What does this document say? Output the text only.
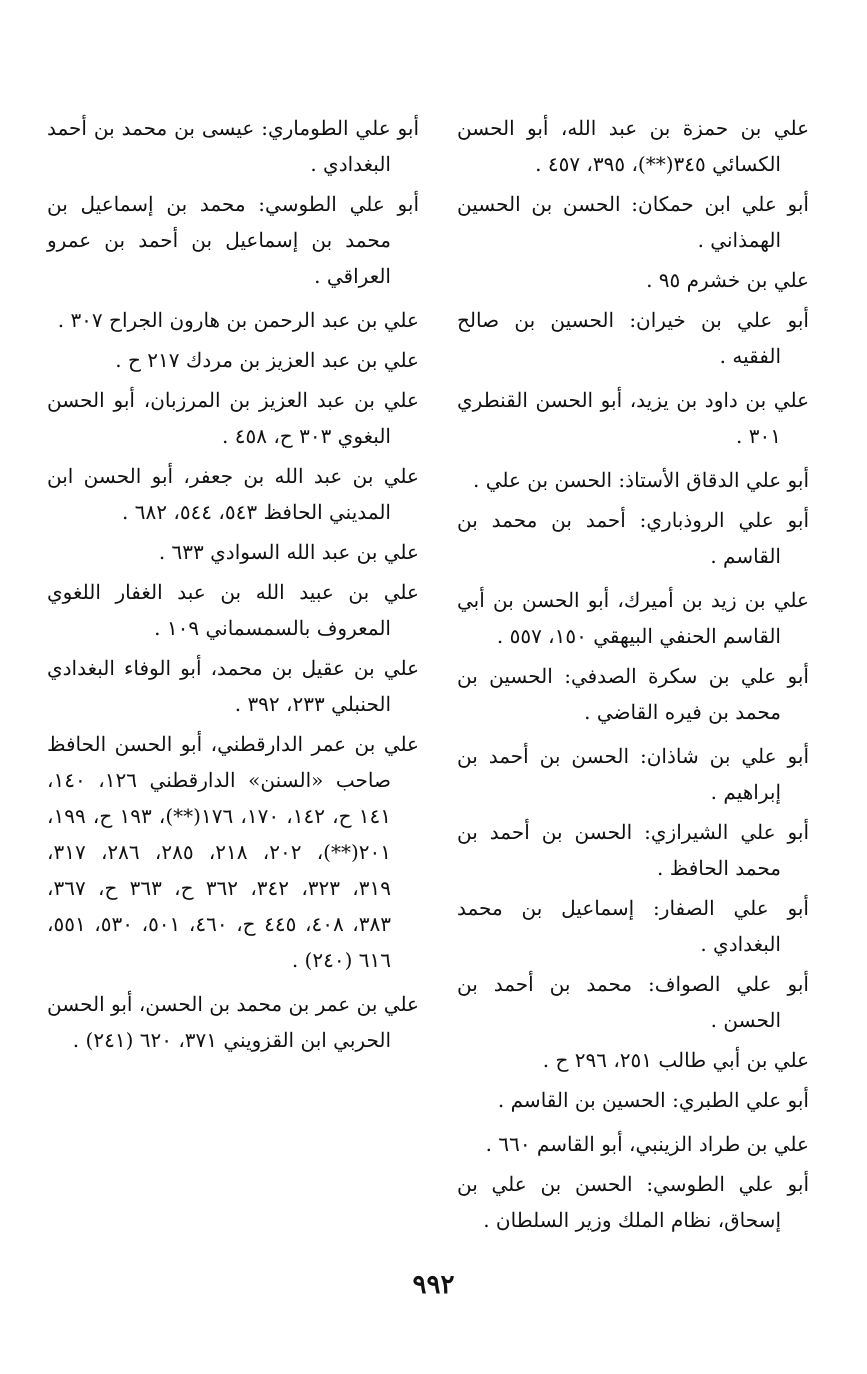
علي بن حمزة بن عبد الله، أبو الحسن الكسائي ٣٤٥(**)، ٣٩٥، ٤٥٧ .
أبو علي ابن حمكان: الحسن بن الحسين الهمذاني .
علي بن خشرم ٩٥ .
أبو علي بن خيران: الحسين بن صالح الفقيه .
علي بن داود بن يزيد، أبو الحسن القنطري ٣٠١ .
أبو علي الدقاق الأستاذ: الحسن بن علي .
أبو علي الروذباري: أحمد بن محمد بن القاسم .
علي بن زيد بن أميرك، أبو الحسن بن أبي القاسم الحنفي البيهقي ١٥٠، ٥٥٧ .
أبو علي بن سكرة الصدفي: الحسين بن محمد بن فيره القاضي .
أبو علي بن شاذان: الحسن بن أحمد بن إبراهيم .
أبو علي الشيرازي: الحسن بن أحمد بن محمد الحافظ .
أبو علي الصفار: إسماعيل بن محمد البغدادي .
أبو علي الصواف: محمد بن أحمد بن الحسن .
علي بن أبي طالب ٢٥١، ٢٩٦ ح .
أبو علي الطبري: الحسين بن القاسم .
علي بن طراد الزينبي، أبو القاسم ٦٦٠ .
أبو علي الطوسي: الحسن بن علي بن إسحاق، نظام الملك وزير السلطان .
أبو علي الطوماري: عيسى بن محمد بن أحمد البغدادي .
أبو علي الطوسي: محمد بن إسماعيل بن محمد بن إسماعيل بن أحمد بن عمرو العراقي .
علي بن عبد الرحمن بن هارون الجراح ٣٠٧ .
علي بن عبد العزيز بن مردك ٢١٧ ح .
علي بن عبد العزيز بن المرزبان، أبو الحسن البغوي ٣٠٣ ح، ٤٥٨ .
علي بن عبد الله بن جعفر، أبو الحسن ابن المديني الحافظ ٥٤٣، ٥٤٤، ٦٨٢ .
علي بن عبد الله السوادي ٦٣٣ .
علي بن عبيد الله بن عبد الغفار اللغوي المعروف بالسمسماني ١٠٩ .
علي بن عقيل بن محمد، أبو الوفاء البغدادي الحنبلي ٢٣٣، ٣٩٢ .
علي بن عمر الدارقطني، أبو الحسن الحافظ صاحب «السنن» الدارقطني ١٢٦، ١٤٠، ١٤١ ح، ١٤٢، ١٧٠، ١٧٦(**)، ١٩٣ ح، ١٩٩، ٢٠١(**)، ٢٠٢، ٢١٨، ٢٨٥، ٢٨٦، ٣١٧، ٣١٩، ٣٢٣، ٣٤٢، ٣٦٢ ح، ٣٦٣ ح، ٣٦٧، ٣٨٣، ٤٠٨، ٤٤٥ ح، ٤٦٠، ٥٠١، ٥٣٠، ٥٥١، ٦١٦ (٢٤٠) .
علي بن عمر بن محمد بن الحسن، أبو الحسن الحربي ابن القزويني ٣٧١، ٦٢٠ (٢٤١) .
٩٩٢
